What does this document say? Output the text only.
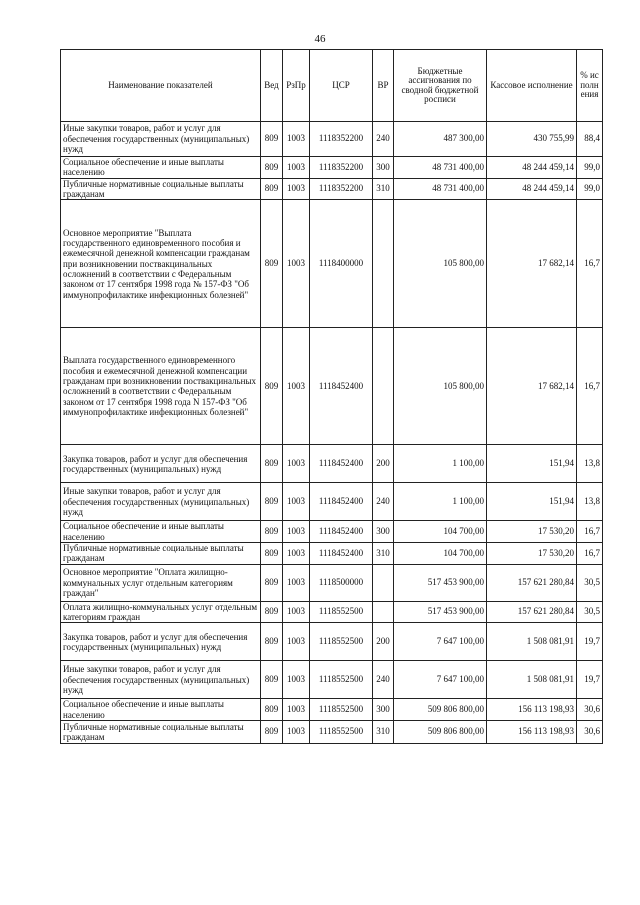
46
Наименование показателей	Вед	РзПр	ЦСР	ВР	Бюджетные ассигнования по сводной бюджетной росписи	Кассовое исполнение	% исполнения
Иные закупки товаров, работ и услуг для обеспечения государственных (муниципальных) нужд	809	1003	1118352200	240	487 300,00	430 755,99	88,4
Социальное обеспечение и иные выплаты населению	809	1003	1118352200	300	48 731 400,00	48 244 459,14	99,0
Публичные нормативные социальные выплаты гражданам	809	1003	1118352200	310	48 731 400,00	48 244 459,14	99,0
Основное мероприятие "Выплата государственного единовременного пособия и ежемесячной денежной компенсации гражданам при возникновении поствакцинальных осложнений в соответствии с Федеральным законом от 17 сентября 1998 года № 157-ФЗ "Об иммунопрофилактике инфекционных болезней"	809	1003	1118400000		105 800,00	17 682,14	16,7
Выплата государственного единовременного пособия и ежемесячной денежной компенсации гражданам при возникновении поствакцинальных осложнений в соответствии с Федеральным законом от 17 сентября 1998 года N 157-ФЗ "Об иммунопрофилактике инфекционных болезней"	809	1003	1118452400		105 800,00	17 682,14	16,7
Закупка товаров, работ и услуг для обеспечения государственных (муниципальных) нужд	809	1003	1118452400	200	1 100,00	151,94	13,8
Иные закупки товаров, работ и услуг для обеспечения государственных (муниципальных) нужд	809	1003	1118452400	240	1 100,00	151,94	13,8
Социальное обеспечение и иные выплаты населению	809	1003	1118452400	300	104 700,00	17 530,20	16,7
Публичные нормативные социальные выплаты гражданам	809	1003	1118452400	310	104 700,00	17 530,20	16,7
Основное мероприятие "Оплата жилищно-коммунальных услуг отдельным категориям граждан"	809	1003	1118500000		517 453 900,00	157 621 280,84	30,5
Оплата жилищно-коммунальных услуг отдельным категориям граждан	809	1003	1118552500		517 453 900,00	157 621 280,84	30,5
Закупка товаров, работ и услуг для обеспечения государственных (муниципальных) нужд	809	1003	1118552500	200	7 647 100,00	1 508 081,91	19,7
Иные закупки товаров, работ и услуг для обеспечения государственных (муниципальных) нужд	809	1003	1118552500	240	7 647 100,00	1 508 081,91	19,7
Социальное обеспечение и иные выплаты населению	809	1003	1118552500	300	509 806 800,00	156 113 198,93	30,6
Публичные нормативные социальные выплаты гражданам	809	1003	1118552500	310	509 806 800,00	156 113 198,93	30,6
